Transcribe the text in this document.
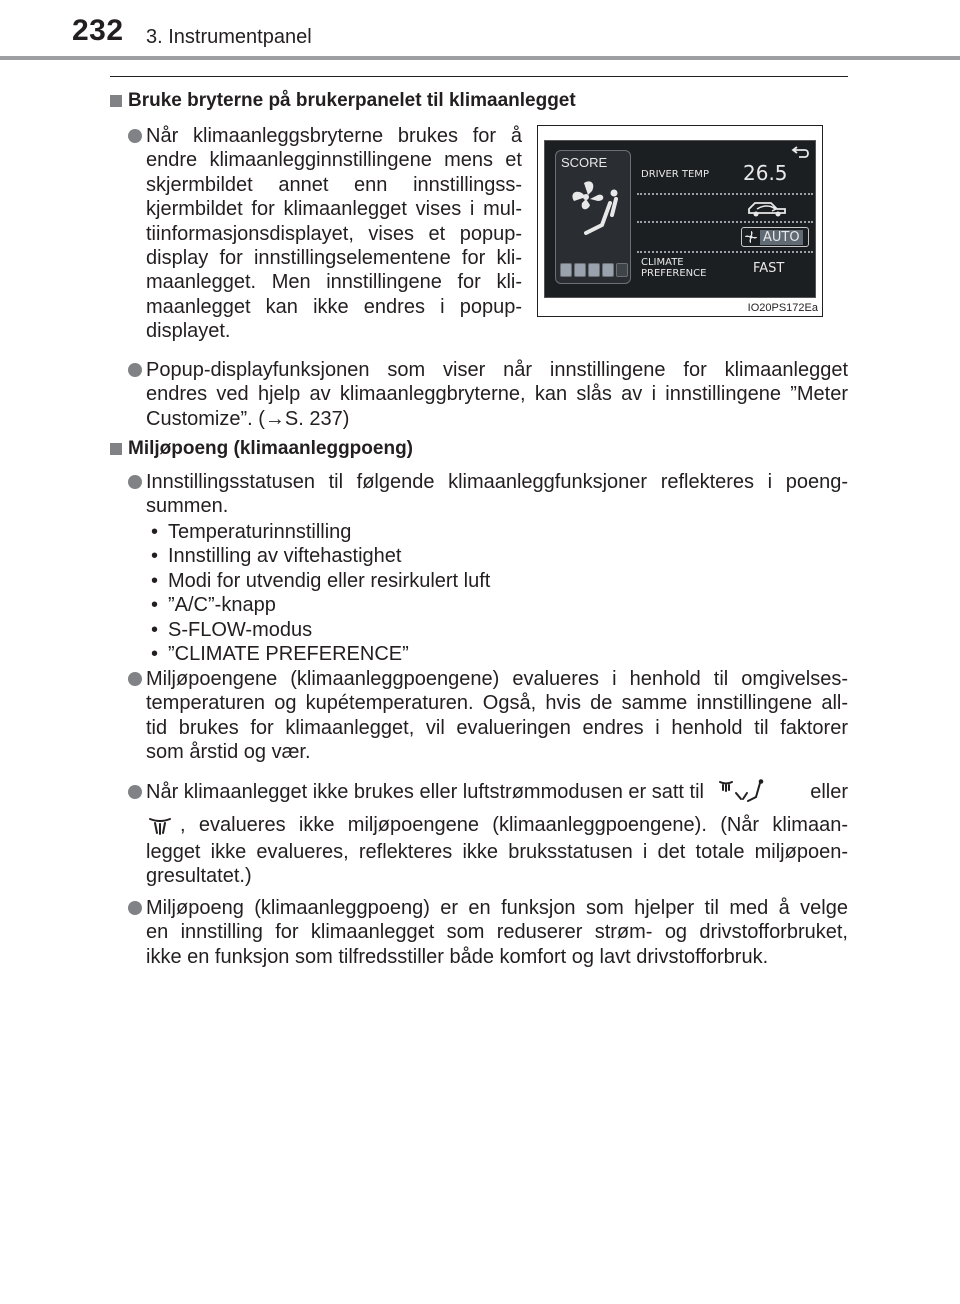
232 3. Instrumentpanel
Bruke bryterne på brukerpanelet til klimaanlegget
Når klimaanleggsbryterne brukes for å
endre klimaanlegginnstillingene mens et
skjermbildet annet enn innstillingss-
kjermbildet for klimaanlegget vises i mul-
tiinformasjonsdisplayet, vises et popup-
display for innstillingselementene for kli-
maanlegget. Men innstillingene for kli-
maanlegget kan ikke endres i popup-
displayet.
SCORE
DRIVER TEMP 26.5
AUTO
CLIMATE
PREFERENCE	FAST
IO20PS172Ea
Popup-displayfunksjonen som viser når innstillingene for klimaanlegget
endres ved hjelp av klimaanleggbryterne, kan slås av i innstillingene ”Meter
Customize”. (→S. 237)
Miljøpoeng (klimaanleggpoeng)
Innstillingsstatusen til følgende klimaanleggfunksjoner reflekteres i poeng-
summen.
• Temperaturinnstilling
• Innstilling av viftehastighet
• Modi for utvendig eller resirkulert luft
• ”A/C”-knapp
• S-FLOW-modus
• ”CLIMATE PREFERENCE”
Miljøpoengene (klimaanleggpoengene) evalueres i henhold til omgivelses-
temperaturen og kupétemperaturen. Også, hvis de samme innstillingene all-
tid brukes for klimaanlegget, vil evalueringen endres i henhold til faktorer
som årstid og vær.
Når klimaanlegget ikke brukes eller luftstrømmodusen er satt til	eller
, evalueres ikke miljøpoengene (klimaanleggpoengene). (Når klimaan-
legget ikke evalueres, reflekteres ikke bruksstatusen i det totale miljøpoen-
gresultatet.)
Miljøpoeng (klimaanleggpoeng) er en funksjon som hjelper til med å velge
en innstilling for klimaanlegget som reduserer strøm- og drivstofforbruket,
ikke en funksjon som tilfredsstiller både komfort og lavt drivstofforbruk.
